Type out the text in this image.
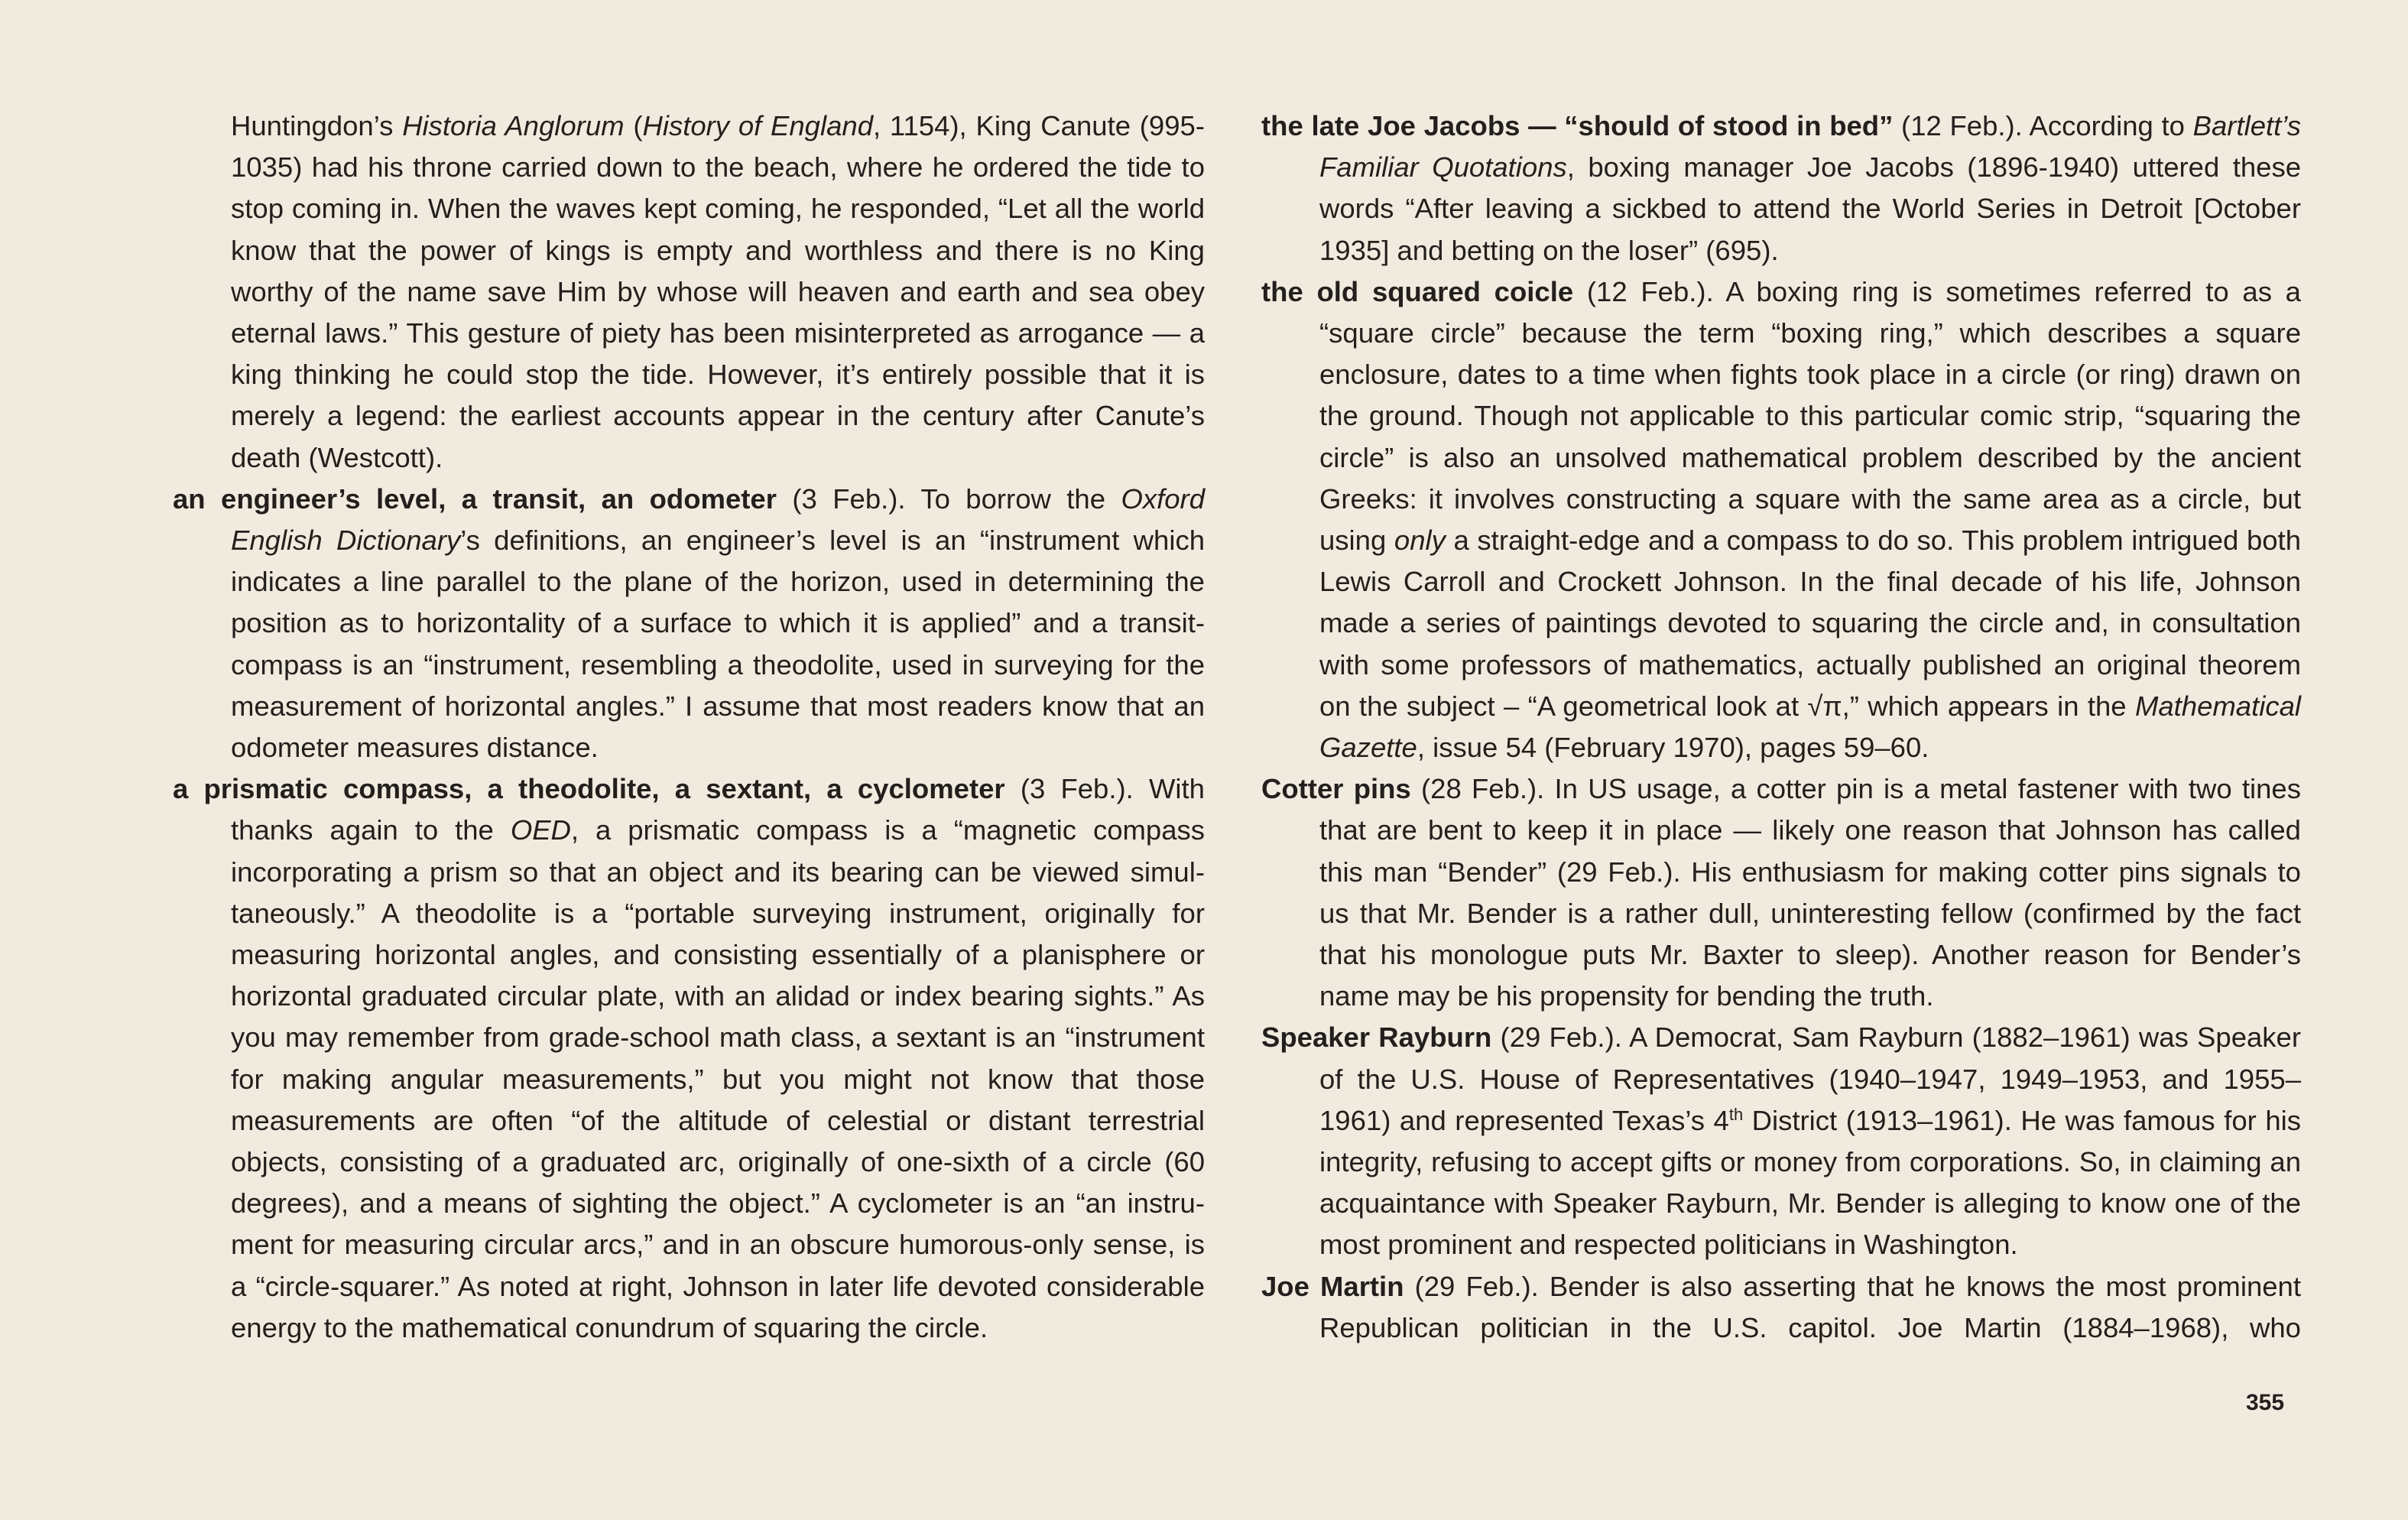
Huntingdon’s Historia Anglorum (History of England, 1154), King Canute (995-1035) had his throne carried down to the beach, where he ordered the tide to stop coming in. When the waves kept coming, he responded, “Let all the world know that the power of kings is empty and worthless and there is no King worthy of the name save Him by whose will heaven and earth and sea obey eternal laws.” This gesture of piety has been misinterpreted as arrogance — a king thinking he could stop the tide. However, it’s entirely possible that it is merely a legend: the earliest accounts appear in the century after Canute’s death (Westcott).

an engineer’s level, a transit, an odometer (3 Feb.). To borrow the Oxford English Dictionary’s definitions, an engineer’s level is an “instrument which indicates a line parallel to the plane of the horizon, used in determining the position as to horizontality of a surface to which it is applied” and a transit-compass is an “instrument, resembling a theodolite, used in surveying for the measurement of horizontal angles.” I assume that most readers know that an odometer measures distance.

a prismatic compass, a theodolite, a sextant, a cyclometer (3 Feb.). With thanks again to the OED, a prismatic compass is a “magnetic compass incorporating a prism so that an object and its bearing can be viewed simultaneously.” A theodolite is a “portable surveying instrument, originally for measuring horizontal angles, and consisting essentially of a planisphere or horizontal graduated circular plate, with an alidad or index bearing sights.” As you may remember from grade-school math class, a sextant is an “instrument for making angular measurements,” but you might not know that those measurements are often “of the altitude of celestial or distant terrestrial objects, consisting of a graduated arc, originally of one-sixth of a circle (60 degrees), and a means of sighting the object.” A cyclometer is an “an instrument for measuring circular arcs,” and in an obscure humorous-only sense, is a “circle-squarer.” As noted at right, Johnson in later life devoted considerable energy to the mathematical conundrum of squaring the circle.

the late Joe Jacobs — “should of stood in bed” (12 Feb.). According to Bartlett’s Familiar Quotations, boxing manager Joe Jacobs (1896-1940) uttered these words “After leaving a sickbed to attend the World Series in Detroit [October 1935] and betting on the loser” (695).

the old squared coicle (12 Feb.). A boxing ring is sometimes referred to as a “square circle” because the term “boxing ring,” which describes a square enclosure, dates to a time when fights took place in a circle (or ring) drawn on the ground. Though not applicable to this particular comic strip, “squaring the circle” is also an unsolved mathematical problem described by the ancient Greeks: it involves constructing a square with the same area as a circle, but using only a straight-edge and a compass to do so. This problem intrigued both Lewis Carroll and Crockett Johnson. In the final decade of his life, Johnson made a series of paintings devoted to squaring the circle and, in consultation with some professors of mathematics, actually published an original theorem on the subject – “A geometrical look at √π,” which appears in the Mathematical Gazette, issue 54 (February 1970), pages 59–60.

Cotter pins (28 Feb.). In US usage, a cotter pin is a metal fastener with two tines that are bent to keep it in place — likely one reason that Johnson has called this man “Bender” (29 Feb.). His enthusiasm for making cotter pins signals to us that Mr. Bender is a rather dull, uninteresting fellow (confirmed by the fact that his monologue puts Mr. Baxter to sleep). Another reason for Bender’s name may be his propensity for bending the truth.

Speaker Rayburn (29 Feb.). A Democrat, Sam Rayburn (1882–1961) was Speaker of the U.S. House of Representatives (1940–1947, 1949–1953, and 1955–1961) and represented Texas’s 4th District (1913–1961). He was famous for his integrity, refusing to accept gifts or money from corporations. So, in claiming an acquaintance with Speaker Rayburn, Mr. Bender is alleging to know one of the most prominent and respected politicians in Washington.

Joe Martin (29 Feb.). Bender is also asserting that he knows the most prominent Republican politician in the U.S. capitol. Joe Martin (1884–1968), who

355
